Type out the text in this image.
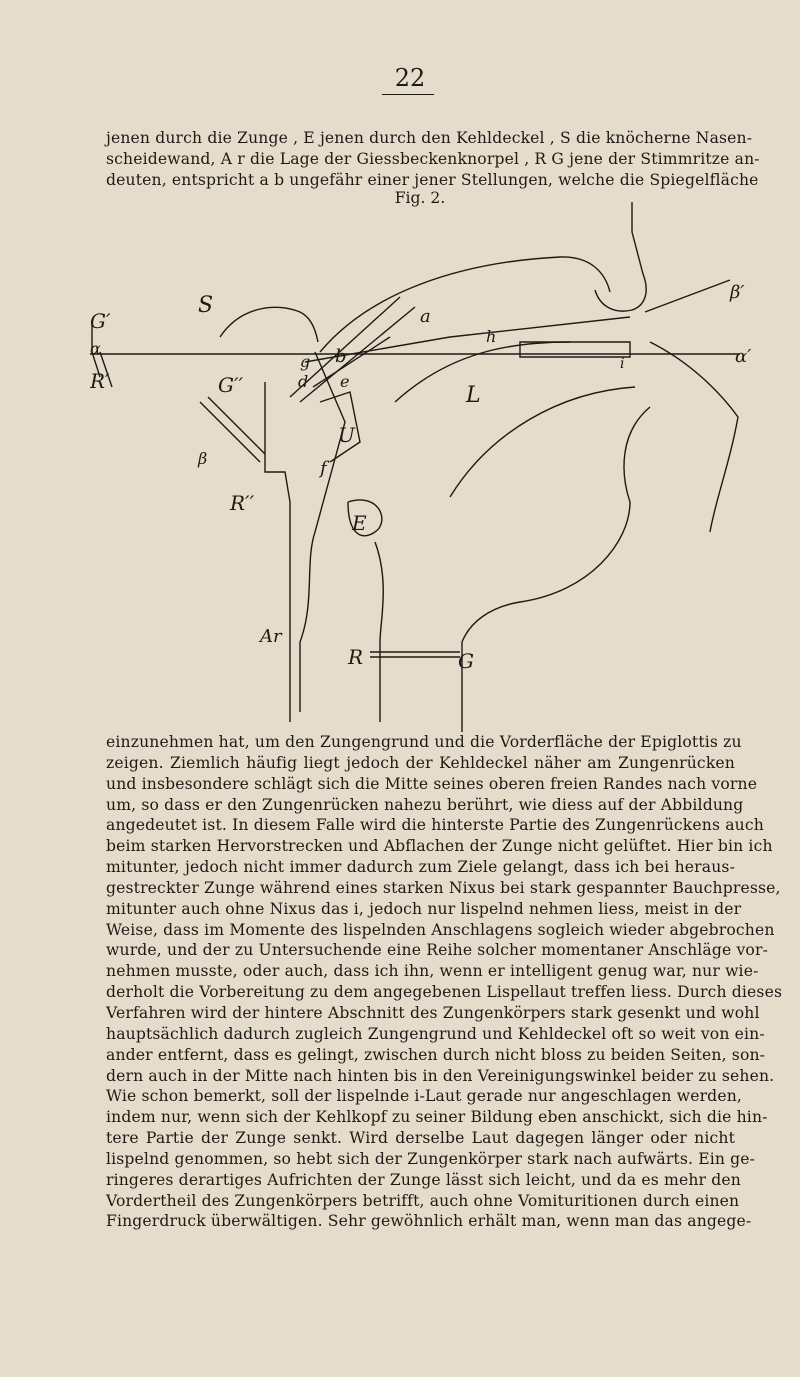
22
jenen durch die Zunge , E jenen durch den Kehldeckel , S die knöcherne Nasen-
scheidewand, A r die Lage der Giessbeckenknorpel , R G jene der Stimmritze an-
deuten, entspricht a b ungefähr einer jener Stellungen, welche die Spiegelfläche
Fig. 2.
S	a
h
b	i
β′
α′
G′
α
R′	G′′
g
d e
L
U
f
β
R′′
E
Ar
R	G
einzunehmen hat, um den Zungengrund und die Vorderfläche der Epiglottis zu
zeigen. Ziemlich häufig liegt jedoch der Kehldeckel näher am Zungenrücken
und insbesondere schlägt sich die Mitte seines oberen freien Randes nach vorne
um, so dass er den Zungenrücken nahezu berührt, wie diess auf der Abbildung
angedeutet ist. In diesem Falle wird die hinterste Partie des Zungenrückens auch
beim starken Hervorstrecken und Abflachen der Zunge nicht gelüftet. Hier bin ich
mitunter, jedoch nicht immer dadurch zum Ziele gelangt, dass ich bei heraus-
gestreckter Zunge während eines starken Nixus bei stark gespannter Bauchpresse,
mitunter auch ohne Nixus das i, jedoch nur lispelnd nehmen liess, meist in der
Weise, dass im Momente des lispelnden Anschlagens sogleich wieder abgebrochen
wurde, und der zu Untersuchende eine Reihe solcher momentaner Anschläge vor-
nehmen musste, oder auch, dass ich ihn, wenn er intelligent genug war, nur wie-
derholt die Vorbereitung zu dem angegebenen Lispellaut treffen liess. Durch dieses
Verfahren wird der hintere Abschnitt des Zungenkörpers stark gesenkt und wohl
hauptsächlich dadurch zugleich Zungengrund und Kehldeckel oft so weit von ein-
ander entfernt, dass es gelingt, zwischen durch nicht bloss zu beiden Seiten, son-
dern auch in der Mitte nach hinten bis in den Vereinigungswinkel beider zu sehen.
Wie schon bemerkt, soll der lispelnde i-Laut gerade nur angeschlagen werden,
indem nur, wenn sich der Kehlkopf zu seiner Bildung eben anschickt, sich die hin-
tere Partie der Zunge senkt. Wird derselbe Laut dagegen länger oder nicht
lispelnd genommen, so hebt sich der Zungenkörper stark nach aufwärts. Ein ge-
ringeres derartiges Aufrichten der Zunge lässt sich leicht, und da es mehr den
Vordertheil des Zungenkörpers betrifft, auch ohne Vomituritionen durch einen
Fingerdruck überwältigen. Sehr gewöhnlich erhält man, wenn man das angege-
